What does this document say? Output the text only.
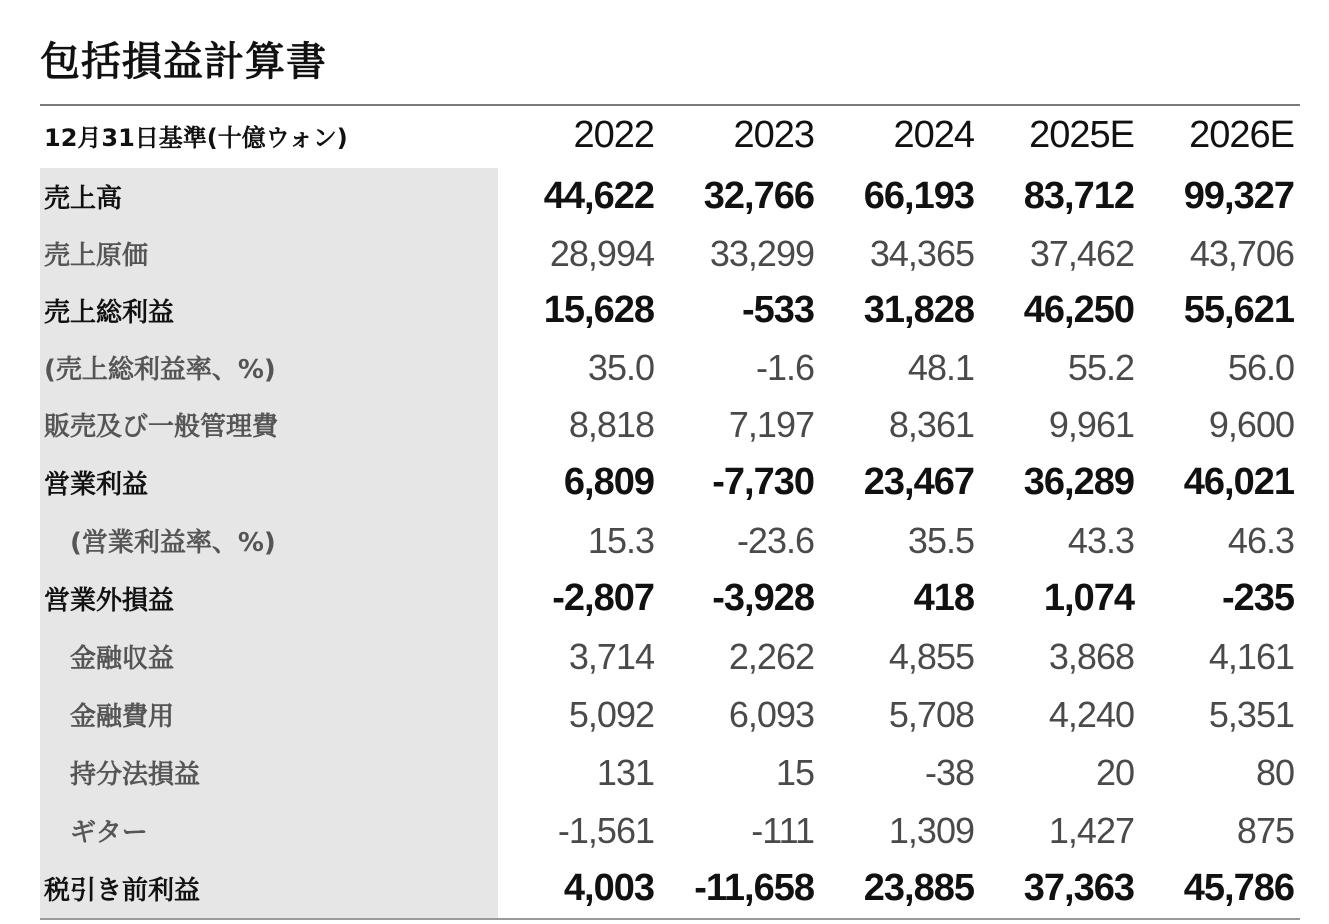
包括損益計算書
12月31日基準(十億ウォン)	2022	2023	2024	2025E	2026E
売上高	44,622	32,766	66,193	83,712	99,327
売上原価	28,994	33,299	34,365	37,462	43,706
売上総利益	15,628	-533	31,828	46,250	55,621
(売上総利益率、%)	35.0	-1.6	48.1	55.2	56.0
販売及び一般管理費	8,818	7,197	8,361	9,961	9,600
営業利益	6,809	-7,730	23,467	36,289	46,021
(営業利益率、%)	15.3	-23.6	35.5	43.3	46.3
営業外損益	-2,807	-3,928	418	1,074	-235
金融収益	3,714	2,262	4,855	3,868	4,161
金融費用	5,092	6,093	5,708	4,240	5,351
持分法損益	131	15	-38	20	80
ギター	-1,561	-111	1,309	1,427	875
税引き前利益	4,003	-11,658	23,885	37,363	45,786
